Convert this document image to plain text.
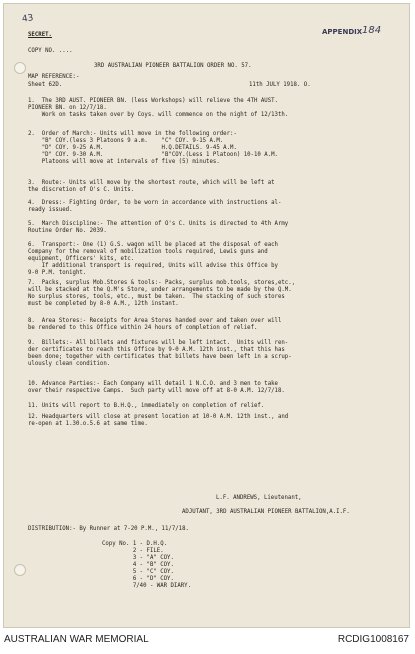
43
APPENDIX 184
SECRET.
COPY NO. ....
3RD AUSTRALIAN PIONEER BATTALION ORDER NO. 57.
MAP REFERENCE:-
Sheet 62D.	11th JULY 1918. O.
L.F. ANDREWS, Lieutenant,
ADJUTANT, 3RD AUSTRALIAN PIONEER BATTALION,A.I.F.
DISTRIBUTION:- By Runner at 7-20 P.M., 11/7/18.
1.  The 3RD AUST. PIONEER BN. (less Workshops) will relieve the 4TH AUST.
PIONEER BN. on 12/7/18.
Work on tasks taken over by Coys. will commence on the night of 12/13th.
2.  Order of March:- Units will move in the following order:-
"B" COY.(less 3 Platoons 9 a.m.    "C" COY. 9-15 A.M.
"D" COY. 9-25 A.M.                 H.Q.DETAILS. 9-45 A.M.
"D" COY. 9-30 A.M.                 "B"COY.(Less 1 Platoon) 10-10 A.M.
Platoons will move at intervals of five (5) minutes.
3.  Route:- Units will move by the shortest route, which will be left at
the discretion of O's C. Units.
4.  Dress:- Fighting Order, to be worn in accordance with instructions al-
ready issued.
5.  March Discipline:- The attention of O's C. Units is directed to 4th Army
Routine Order No. 2039.
6.  Transport:- One (1) G.S. wagon will be placed at the disposal of each
Company for the removal of mobilization tools required, Lewis guns and
equipment, Officers' kits, etc.
If additional transport is required, Units will advise this Office by
9-0 P.M. tonight.
7.  Packs, surplus Mob.Stores & tools:- Packs, surplus mob.tools, stores,etc.,
will be stacked at the Q.M's Store, under arrangements to be made by the Q.M.
No surplus stores, tools, etc., must be taken.  The stacking of such stores
must be completed by 8-0 A.M., 12th instant.
8.  Area Stores:- Receipts for Area Stores handed over and taken over will
be rendered to this Office within 24 hours of completion of relief.
9.  Billets:- All billets and fixtures will be left intact.  Units will ren-
der certificates to reach this Office by 9-0 A.M. 12th inst., that this has
been done; together with certificates that billets have been left in a scrup-
ulously clean condition.
10. Advance Parties:- Each Company will detail 1 N.C.O. and 3 men to take
over their respective Camps.  Such party will move off at 8-0 A.M. 12/7/18.
11. Units will report to B.H.Q., immediately on completion of relief.
12. Headquarters will close at present location at 10-0 A.M. 12th inst., and
re-open at 1.30.o.5.6 at same time.
Copy No. 1 - D.H.Q.
2 - FILE.
3 - "A" COY.
4 - "B" COY.
5 - "C" COY.
6 - "D" COY.
7/40 - WAR DIARY.
AUSTRALIAN WAR MEMORIAL	RCDIG1008167
